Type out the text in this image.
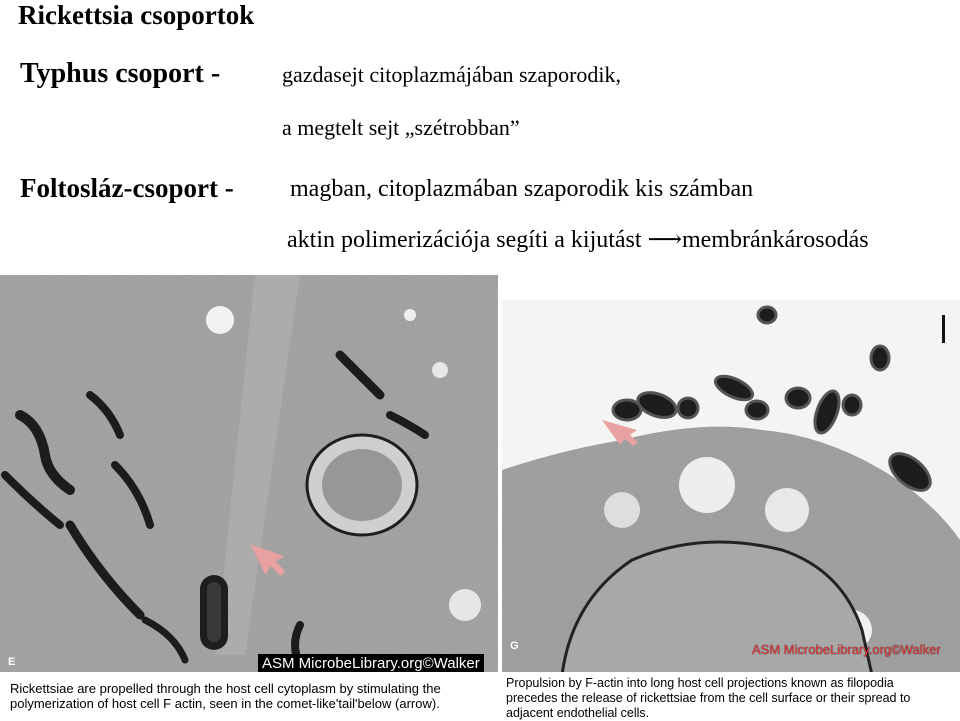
Rickettsia csoportok
Typhus csoport -	gazdasejt citoplazmájában szaporodik,
a megtelt sejt „szétrobban”
Foltosláz-csoport - magban, citoplazmában szaporodik kis számban
aktin polimerizációja segíti a kijutást ⟶membránkárosodás
ASM MicrobeLibrary.org©Walker
E
ASM MicrobeLibrary.org©Walker
G
Rickettsiae are propelled through the host cell cytoplasm by stimulating the
polymerization of host cell F actin, seen in the comet-like'tail'below (arrow).
Propulsion by F-actin into long host cell projections known as filopodia
precedes the release of rickettsiae from the cell surface or their spread to
adjacent endothelial cells.
